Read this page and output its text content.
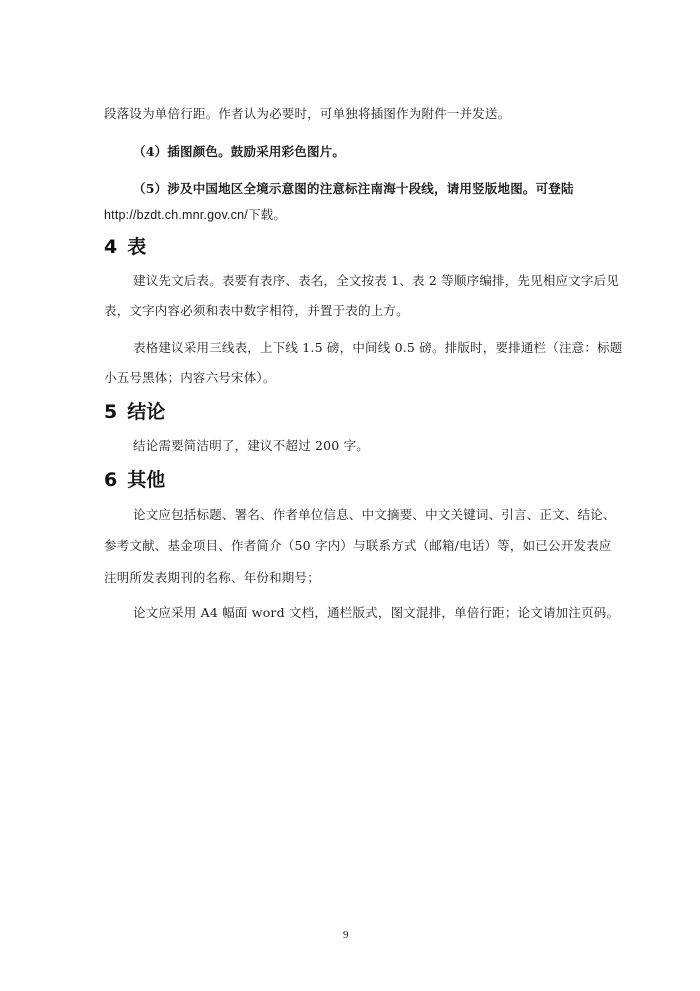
段落设为单倍行距。作者认为必要时，可单独将插图作为附件一并发送。
（4）插图颜色。鼓励采用彩色图片。
（5）涉及中国地区全境示意图的注意标注南海十段线，请用竖版地图。可登陆
http://bzdt.ch.mnr.gov.cn/下载。
4 表
建议先文后表。表要有表序、表名，全文按表 1、表 2 等顺序编排，先见相应文字后见
表，文字内容必须和表中数字相符，并置于表的上方。
表格建议采用三线表，上下线 1.5 磅，中间线 0.5 磅。排版时，要排通栏（注意：标题
小五号黑体；内容六号宋体）。
5 结论
结论需要简洁明了，建议不超过 200 字。
6 其他
论文应包括标题、署名、作者单位信息、中文摘要、中文关键词、引言、正文、结论、
参考文献、基金项目、作者简介（50 字内）与联系方式（邮箱/电话）等，如已公开发表应
注明所发表期刊的名称、年份和期号；
论文应采用 A4 幅面 word 文档，通栏版式，图文混排，单倍行距；论文请加注页码。
9
